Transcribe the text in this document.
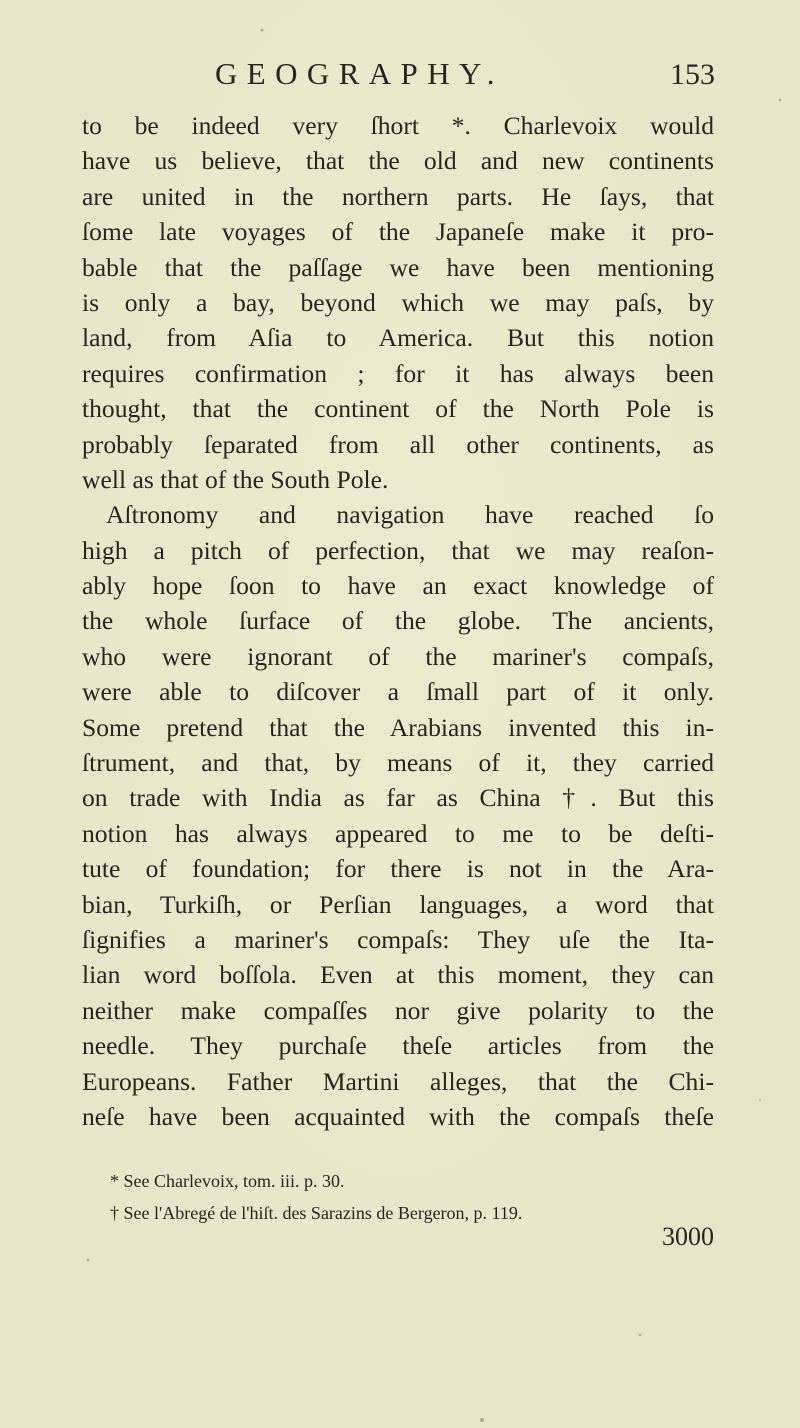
GEOGRAPHY.	153
to be indeed very ſhort *. Charlevoix would
have us believe, that the old and new continents
are united in the northern parts. He ſays, that
ſome late voyages of the Japaneſe make it pro-
bable that the paſſage we have been mentioning
is only a bay, beyond which we may paſs, by
land, from Aſia to America. But this notion
requires confirmation ; for it has always been
thought, that the continent of the North Pole is
probably ſeparated from all other continents, as
well as that of the South Pole.
Aſtronomy and navigation have reached ſo
high a pitch of perfection, that we may reaſon-
ably hope ſoon to have an exact knowledge of
the whole ſurface of the globe. The ancients,
who were ignorant of the mariner's compaſs,
were able to diſcover a ſmall part of it only.
Some pretend that the Arabians invented this in-
ſtrument, and that, by means of it, they carried
on trade with India as far as China †. But this
notion has always appeared to me to be deſti-
tute of foundation; for there is not in the Ara-
bian, Turkiſh, or Perſian languages, a word that
ſignifies a mariner's compaſs: They uſe the Ita-
lian word boſſola. Even at this moment, they can
neither make compaſſes nor give polarity to the
needle. They purchaſe theſe articles from the
Europeans. Father Martini alleges, that the Chi-
neſe have been acquainted with the compaſs theſe
* See Charlevoix, tom. iii. p. 30.
† See l'Abregé de l'hiſt. des Sarazins de Bergeron, p. 119.
3000
